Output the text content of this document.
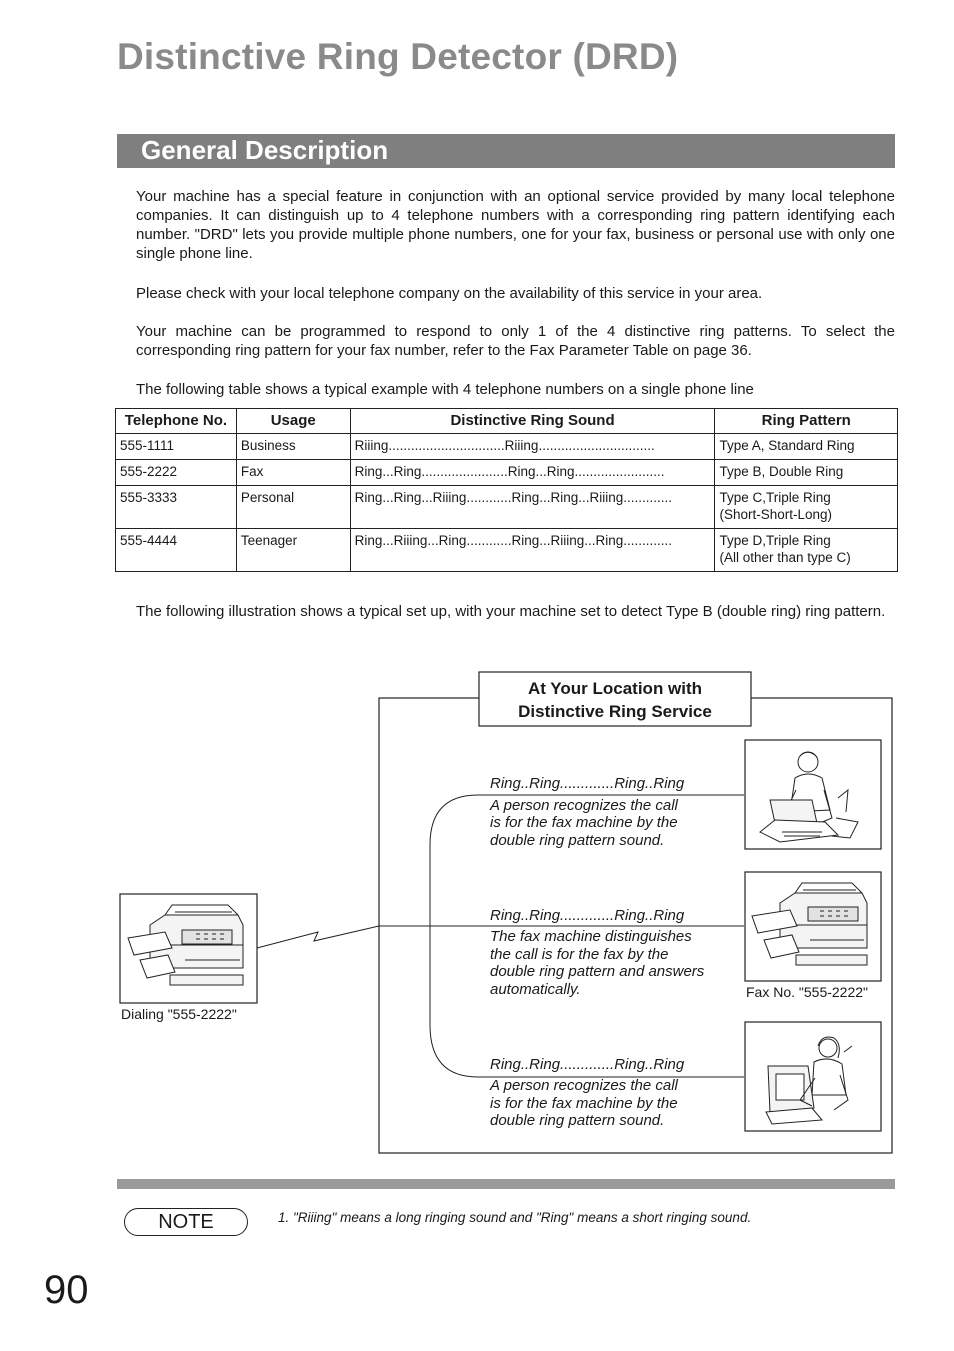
Distinctive Ring Detector (DRD)
General Description

Your machine has a special feature in conjunction with an optional service provided by many local telephone companies. It can distinguish up to 4 telephone numbers with a corresponding ring pattern identifying each number. "DRD" lets you provide multiple phone numbers, one for your fax, business or personal use with only one single phone line.

Please check with your local telephone company on the availability of this service in your area.

Your machine can be programmed to respond to only 1 of the 4 distinctive ring patterns. To select the corresponding ring pattern for your fax number, refer to the Fax Parameter Table on page 36.

The following table shows a typical example with 4 telephone numbers on a single phone line

Telephone No.	Usage	Distinctive Ring Sound	Ring Pattern
555-1111	Business	Riiing...............................Riiing...............................	Type A, Standard Ring
555-2222	Fax	Ring...Ring.......................Ring...Ring........................	Type B, Double Ring
555-3333	Personal	Ring...Ring...Riiing............Ring...Ring...Riiing.............	Type C,Triple Ring
(Short-Short-Long)
555-4444	Teenager	Ring...Riiing...Ring............Ring...Riiing...Ring.............	Type D,Triple Ring
(All other than type C)

The following illustration shows a typical set up, with your machine set to detect Type B (double ring) ring pattern.

At Your Location with
Distinctive Ring Service
Dialing "555-2222"
Ring..Ring.............Ring..Ring
A person recognizes the call is for the fax machine by the double ring pattern sound.
Ring..Ring.............Ring..Ring
The fax machine distinguishes the call is for the fax by the double ring pattern and answers automatically.
Ring..Ring.............Ring..Ring
A person recognizes the call is for the fax machine by the double ring pattern sound.
Fax No. "555-2222"
NOTE	1. "Riiing" means a long ringing sound and "Ring" means a short ringing sound.

90
